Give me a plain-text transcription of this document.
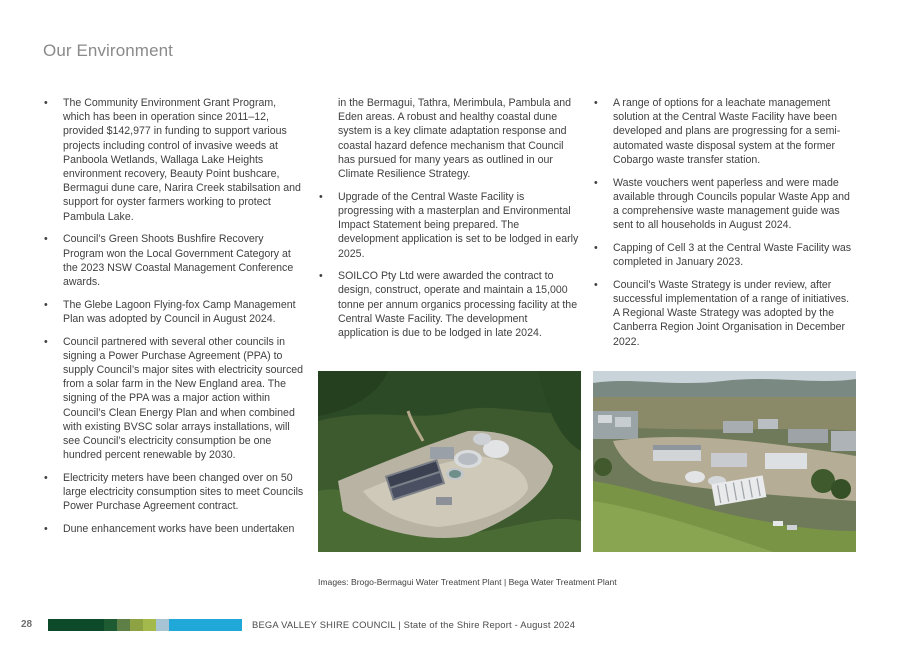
Our Environment
• The Community Environment Grant Program, which has been in operation since 2011–12, provided $142,977 in funding to support various projects including control of invasive weeds at Panboola Wetlands, Wallaga Lake Heights environment recovery, Beauty Point bushcare, Bermagui dune care, Narira Creek stabilsation and support for oyster farmers working to protect Pambula Lake.
• Council’s Green Shoots Bushfire Recovery Program won the Local Government Category at the 2023 NSW Coastal Management Conference awards.
• The Glebe Lagoon Flying-fox Camp Management Plan was adopted by Council in August 2024.
• Council partnered with several other councils in signing a Power Purchase Agreement (PPA) to supply Council’s major sites with electricity sourced from a solar farm in the New England area. The signing of the PPA was a major action within Council’s Clean Energy Plan and when combined with existing BVSC solar arrays installations, will see Council’s electricity consumption be one hundred percent renewable by 2030.
• Electricity meters have been changed over on 50 large electricity consumption sites to meet Councils Power Purchase Agreement contract.
• Dune enhancement works have been undertaken
in the Bermagui, Tathra, Merimbula, Pambula and Eden areas. A robust and healthy coastal dune system is a key climate adaptation response and coastal hazard defence mechanism that Council has pursued for many years as outlined in our Climate Resilience Strategy.
• Upgrade of the Central Waste Facility is progressing with a masterplan and Environmental Impact Statement being prepared. The development application is set to be lodged in early 2025.
• SOILCO Pty Ltd were awarded the contract to design, construct, operate and maintain a 15,000 tonne per annum organics processing facility at the Central Waste Facility. The development application is due to be lodged in late 2024.
• A range of options for a leachate management solution at the Central Waste Facility have been developed and plans are progressing for a semi-automated waste disposal system at the former Cobargo waste transfer station.
• Waste vouchers went paperless and were made available through Councils popular Waste App and a comprehensive waste management guide was sent to all households in August 2024.
• Capping of Cell 3 at the Central Waste Facility was completed in January 2023.
• Council's Waste Strategy is under review, after successful implementation of a range of initiatives. A Regional Waste Strategy was adopted by the Canberra Region Joint Organisation in December 2022.
Images: Brogo-Bermagui Water Treatment Plant | Bega Water Treatment Plant
28	BEGA VALLEY SHIRE COUNCIL | State of the Shire Report - August 2024
